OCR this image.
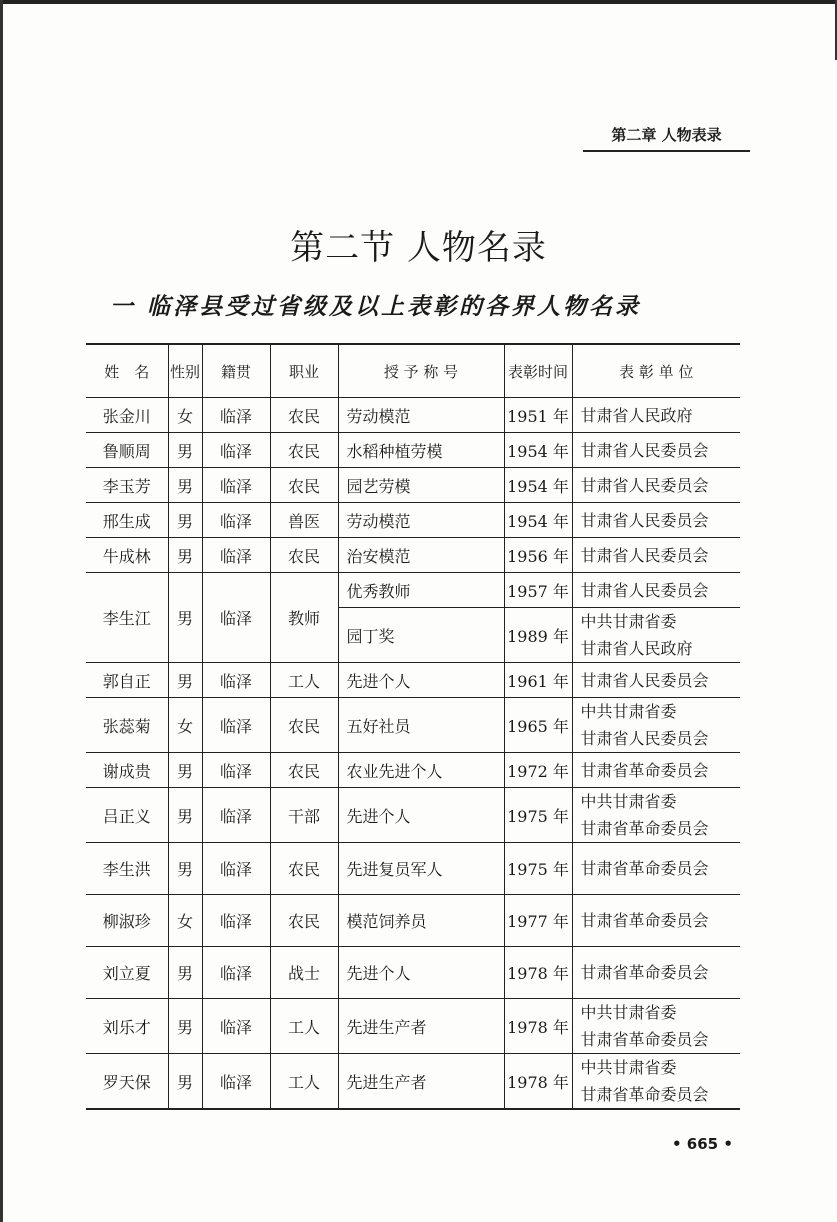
第二章 人物表录
第二节 人物名录
一 临泽县受过省级及以上表彰的各界人物名录
姓　名	性别	籍贯	职业	授 予 称 号	表彰时间	表 彰 单 位
张金川	女	临泽	农民	劳动模范	1951 年	甘肃省人民政府

鲁顺周	男	临泽	农民	水稻种植劳模	1954 年	甘肃省人民委员会

李玉芳	男	临泽	农民	园艺劳模	1954 年	甘肃省人民委员会

邢生成	男	临泽	兽医	劳动模范	1954 年	甘肃省人民委员会

牛成林	男	临泽	农民	治安模范	1956 年	甘肃省人民委员会

李生江	男	临泽	教师	优秀教师	1957 年	甘肃省人民委员会

				园丁奖	1989 年	中共甘肃省委
甘肃省人民政府

郭自正	男	临泽	工人	先进个人	1961 年	甘肃省人民委员会

张蕊菊	女	临泽	农民	五好社员	1965 年	中共甘肃省委
甘肃省人民委员会

谢成贵	男	临泽	农民	农业先进个人	1972 年	甘肃省革命委员会

吕正义	男	临泽	干部	先进个人	1975 年	中共甘肃省委
甘肃省革命委员会

李生洪	男	临泽	农民	先进复员军人	1975 年	甘肃省革命委员会

柳淑珍	女	临泽	农民	模范饲养员	1977 年	甘肃省革命委员会

刘立夏	男	临泽	战士	先进个人	1978 年	甘肃省革命委员会

刘乐才	男	临泽	工人	先进生产者	1978 年	中共甘肃省委
甘肃省革命委员会

罗天保	男	临泽	工人	先进生产者	1978 年	中共甘肃省委
甘肃省革命委员会
• 665 •
